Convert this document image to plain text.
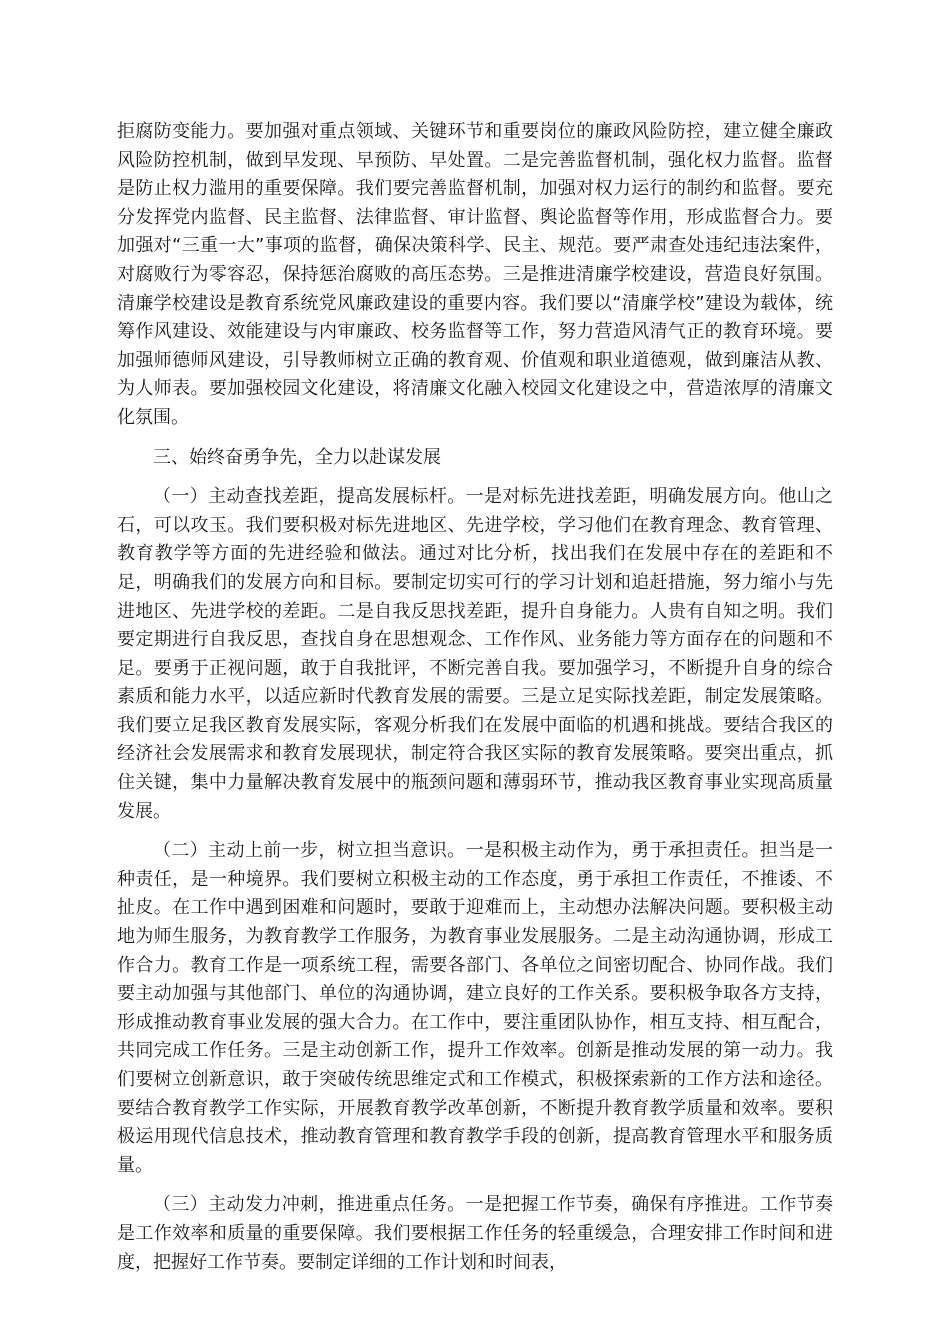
拒腐防变能力。要加强对重点领域、关键环节和重要岗位的廉政风险防控，建立健全廉政风险防控机制，做到早发现、早预防、早处置。二是完善监督机制，强化权力监督。监督是防止权力滥用的重要保障。我们要完善监督机制，加强对权力运行的制约和监督。要充分发挥党内监督、民主监督、法律监督、审计监督、舆论监督等作用，形成监督合力。要加强对“三重一大”事项的监督，确保决策科学、民主、规范。要严肃查处违纪违法案件，对腐败行为零容忍，保持惩治腐败的高压态势。三是推进清廉学校建设，营造良好氛围。清廉学校建设是教育系统党风廉政建设的重要内容。我们要以“清廉学校”建设为载体，统筹作风建设、效能建设与内审廉政、校务监督等工作，努力营造风清气正的教育环境。要加强师德师风建设，引导教师树立正确的教育观、价值观和职业道德观，做到廉洁从教、为人师表。要加强校园文化建设，将清廉文化融入校园文化建设之中，营造浓厚的清廉文化氛围。

三、始终奋勇争先，全力以赴谋发展

（一）主动查找差距，提高发展标杆。一是对标先进找差距，明确发展方向。他山之石，可以攻玉。我们要积极对标先进地区、先进学校，学习他们在教育理念、教育管理、教育教学等方面的先进经验和做法。通过对比分析，找出我们在发展中存在的差距和不足，明确我们的发展方向和目标。要制定切实可行的学习计划和追赶措施，努力缩小与先进地区、先进学校的差距。二是自我反思找差距，提升自身能力。人贵有自知之明。我们要定期进行自我反思，查找自身在思想观念、工作作风、业务能力等方面存在的问题和不足。要勇于正视问题，敢于自我批评，不断完善自我。要加强学习，不断提升自身的综合素质和能力水平，以适应新时代教育发展的需要。三是立足实际找差距，制定发展策略。我们要立足我区教育发展实际，客观分析我们在发展中面临的机遇和挑战。要结合我区的经济社会发展需求和教育发展现状，制定符合我区实际的教育发展策略。要突出重点，抓住关键，集中力量解决教育发展中的瓶颈问题和薄弱环节，推动我区教育事业实现高质量发展。

（二）主动上前一步，树立担当意识。一是积极主动作为，勇于承担责任。担当是一种责任，是一种境界。我们要树立积极主动的工作态度，勇于承担工作责任，不推诿、不扯皮。在工作中遇到困难和问题时，要敢于迎难而上，主动想办法解决问题。要积极主动地为师生服务，为教育教学工作服务，为教育事业发展服务。二是主动沟通协调，形成工作合力。教育工作是一项系统工程，需要各部门、各单位之间密切配合、协同作战。我们要主动加强与其他部门、单位的沟通协调，建立良好的工作关系。要积极争取各方支持，形成推动教育事业发展的强大合力。在工作中，要注重团队协作，相互支持、相互配合，共同完成工作任务。三是主动创新工作，提升工作效率。创新是推动发展的第一动力。我们要树立创新意识，敢于突破传统思维定式和工作模式，积极探索新的工作方法和途径。要结合教育教学工作实际，开展教育教学改革创新，不断提升教育教学质量和效率。要积极运用现代信息技术，推动教育管理和教育教学手段的创新，提高教育管理水平和服务质量。

（三）主动发力冲刺，推进重点任务。一是把握工作节奏，确保有序推进。工作节奏是工作效率和质量的重要保障。我们要根据工作任务的轻重缓急，合理安排工作时间和进度，把握好工作节奏。要制定详细的工作计划和时间表，
